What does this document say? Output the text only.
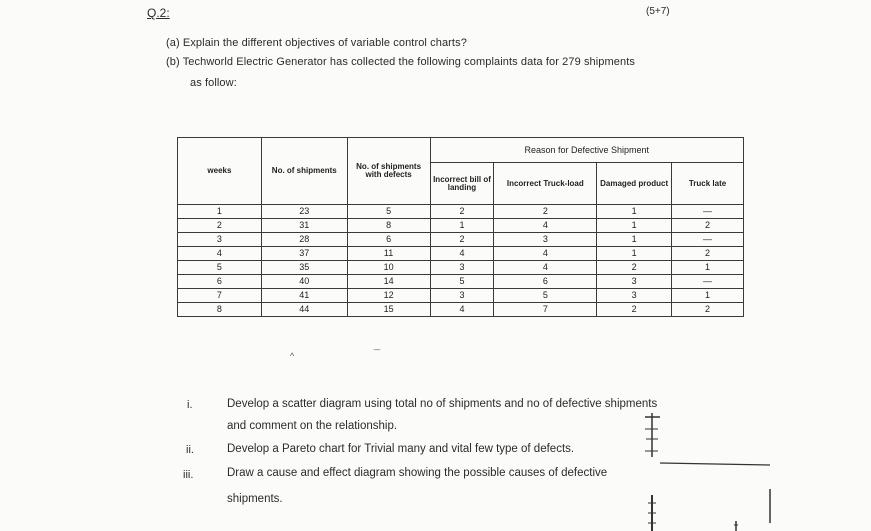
Q.2:	(5+7)
(a) Explain the different objectives of variable control charts?
(b) Techworld Electric Generator has collected the following complaints data for 279 shipments
as follow:
weeks	No. of shipments	No. of shipments with defects	Reason for Defective Shipment			
			Incorrect bill of landing	Incorrect Truck-load	Damaged product	Truck late
1	23	5	2	2	1	—
2	31	8	1	4	1	2
3	28	6	2	3	1	—
4	37	11	4	4	1	2
5	35	10	3	4	2	1
6	40	14	5	6	3	—
7	41	12	3	5	3	1
8	44	15	4	7	2	2
^	‾‾
i.	Develop a scatter diagram using total no of shipments and no of defective shipments
and comment on the relationship.
ii.	Develop a Pareto chart for Trivial many and vital few type of defects.
iii.	Draw a cause and effect diagram showing the possible causes of defective
shipments.
